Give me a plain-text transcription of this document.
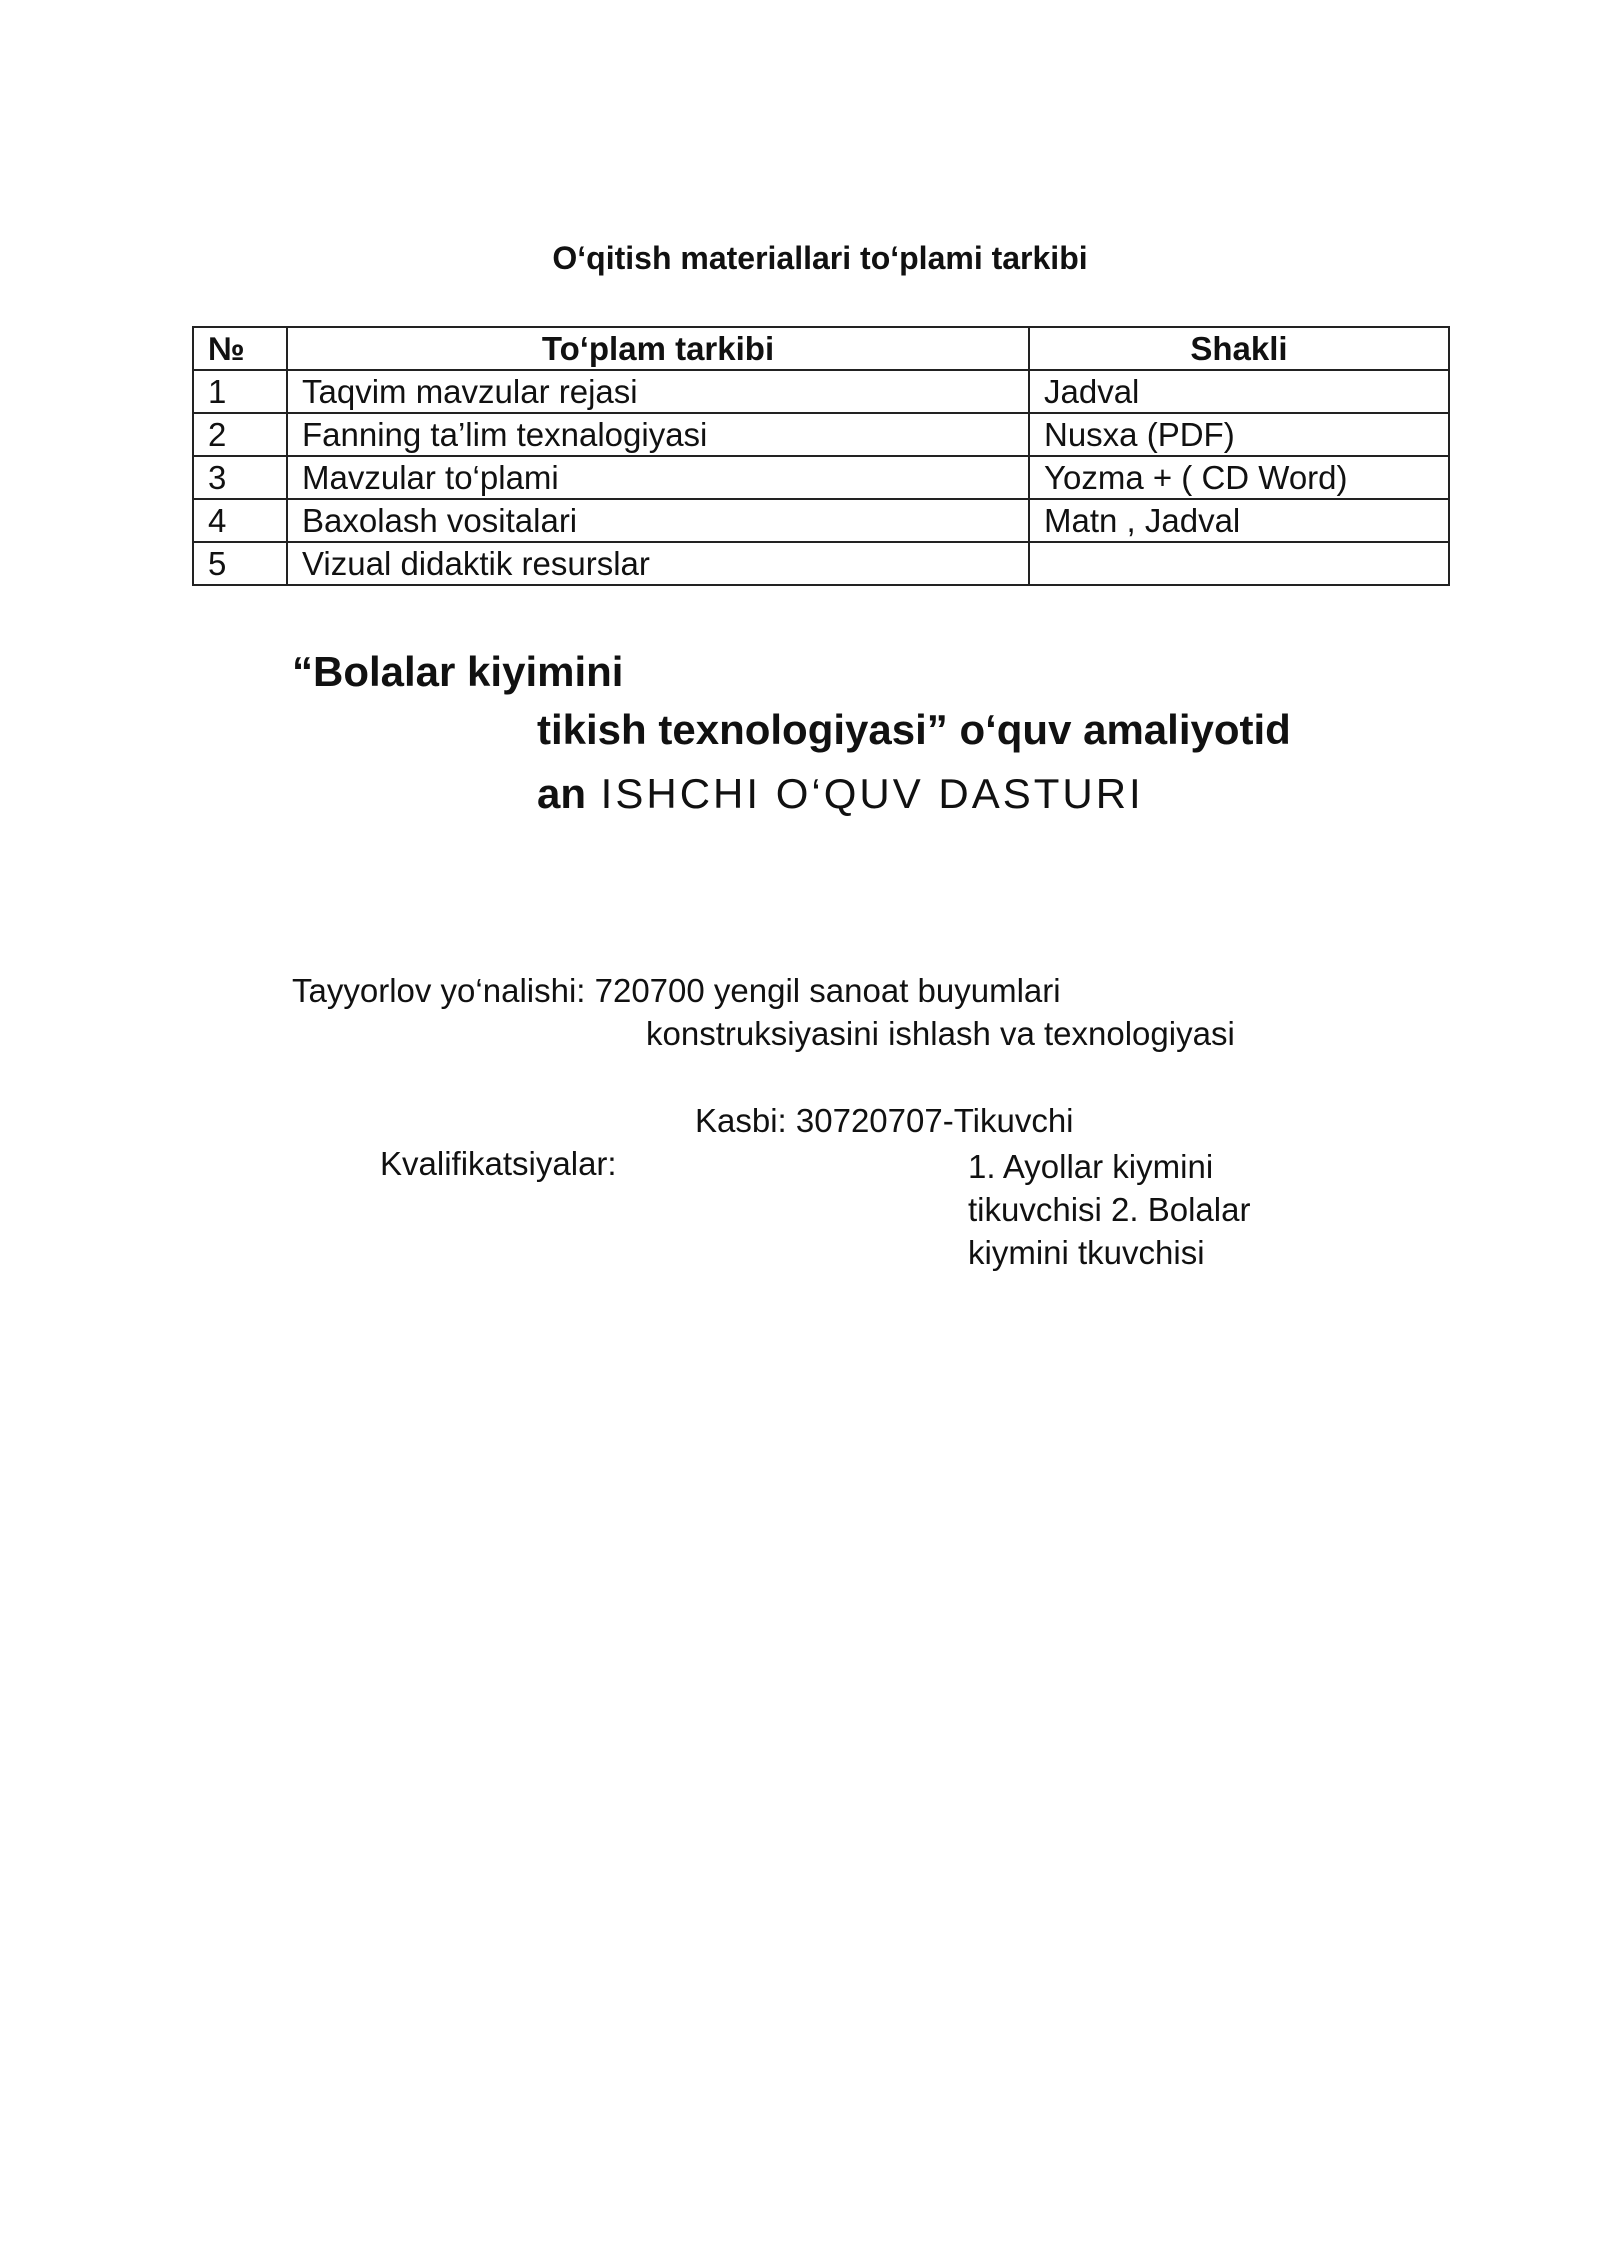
O‘qitish materiallari to‘plami tarkibi
№	To‘plam tarkibi	Shakli
1	Taqvim mavzular rejasi	Jadval
2	Fanning ta’lim texnalogiyasi	Nusxa (PDF)
3	Mavzular to‘plami	Yozma + ( CD Word)
4	Baxolash vositalari	Matn , Jadval
5	Vizual didaktik resurslar	
“Bolalar kiyimini
tikish texnologiyasi” o‘quv amaliyotid
an ISHCHI O‘QUV DASTURI
Tayyorlov yo‘nalishi: 720700 yengil sanoat buyumlari
konstruksiyasini ishlash va texnologiyasi
Kasbi: 30720707-Tikuvchi
Kvalifikatsiyalar:	1. Ayollar kiymini tikuvchisi 2. Bolalar kiymini tkuvchisi
